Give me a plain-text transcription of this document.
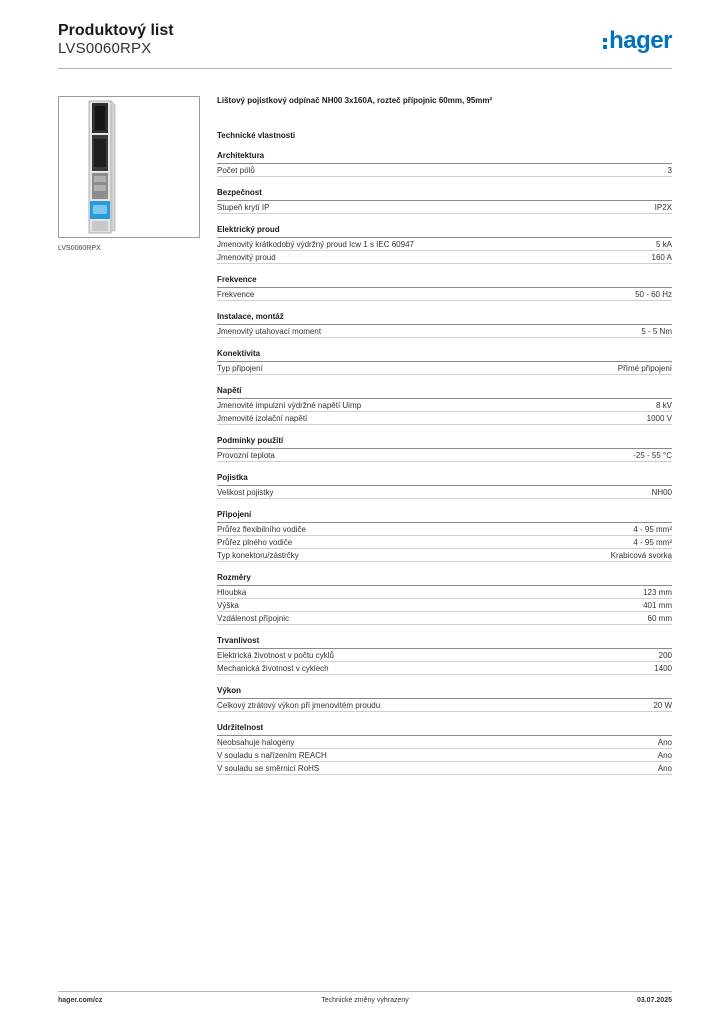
Produktový list
LVS0060RPX	hager
LVS0060RPX
Lištový pojistkový odpínač NH00 3x160A, rozteč přípojnic 60mm, 95mm²
Technické vlastnosti
Architektura
Počet pólů	3
Bezpečnost
Stupeň krytí IP	IP2X
Elektrický proud
Jmenovitý krátkodobý výdržný proud Icw 1 s IEC 60947	5 kA
Jmenovitý proud	160 A
Frekvence
Frekvence	50 - 60 Hz
Instalace, montáž
Jmenovitý utahovací moment	5 - 5 Nm
Konektivita
Typ připojení	Přímé připojení
Napětí
Jmenovité impulzní výdržné napětí Uimp	8 kV
Jmenovité izolační napětí	1000 V
Podmínky použití
Provozní teplota	-25 - 55 °C
Pojistka
Velikost pojistky	NH00
Připojení
Průřez flexibilního vodiče	4 - 95 mm²
Průřez plného vodiče	4 - 95 mm²
Typ konektoru/zástrčky	Krabicová svorka
Rozměry
Hloubka	123 mm
Výška	401 mm
Vzdálenost přípojnic	60 mm
Trvanlivost
Elektrická životnost v počtu cyklů	200
Mechanická životnost v cyklech	1400
Výkon
Celkový ztrátový výkon při jmenovitém proudu	20 W
Udržitelnost
Neobsahuje halogeny	Ano
V souladu s nařízením REACH	Ano
V souladu se směrnicí RoHS	Ano
hager.com/cz	Technické změny vyhrazeny	03.07.2025
